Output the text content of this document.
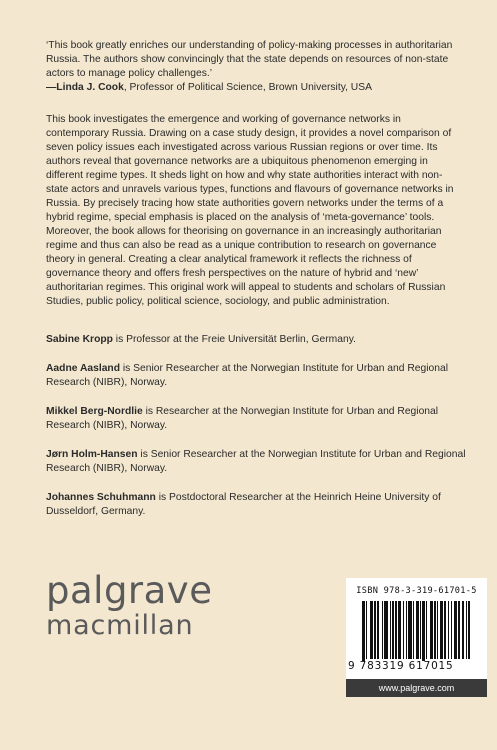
‘This book greatly enriches our understanding of policy-making processes in authoritarian Russia. The authors show convincingly that the state depends on resources of non-state actors to manage policy challenges.’
—Linda J. Cook, Professor of Political Science, Brown University, USA
This book investigates the emergence and working of governance networks in contemporary Russia. Drawing on a case study design, it provides a novel comparison of seven policy issues each investigated across various Russian regions or over time. Its authors reveal that governance networks are a ubiquitous phenomenon emerging in different regime types. It sheds light on how and why state authorities interact with non-state actors and unravels various types, functions and flavours of governance networks in Russia. By precisely tracing how state authorities govern networks under the terms of a hybrid regime, special emphasis is placed on the analysis of ‘meta-governance’ tools. Moreover, the book allows for theorising on governance in an increasingly authoritarian regime and thus can also be read as a unique contribution to research on governance theory in general. Creating a clear analytical framework it reflects the richness of governance theory and offers fresh perspectives on the nature of hybrid and ‘new’ authoritarian regimes. This original work will appeal to students and scholars of Russian Studies, public policy, political science, sociology, and public administration.
Sabine Kropp is Professor at the Freie Universität Berlin, Germany.
Aadne Aasland is Senior Researcher at the Norwegian Institute for Urban and Regional Research (NIBR), Norway.
Mikkel Berg-Nordlie is Researcher at the Norwegian Institute for Urban and Regional Research (NIBR), Norway.
Jørn Holm-Hansen is Senior Researcher at the Norwegian Institute for Urban and Regional Research (NIBR), Norway.
Johannes Schuhmann is Postdoctoral Researcher at the Heinrich Heine University of Dusseldorf, Germany.
palgrave
macmillan
ISBN 978-3-319-61701-5
9 783319 617015
www.palgrave.com
